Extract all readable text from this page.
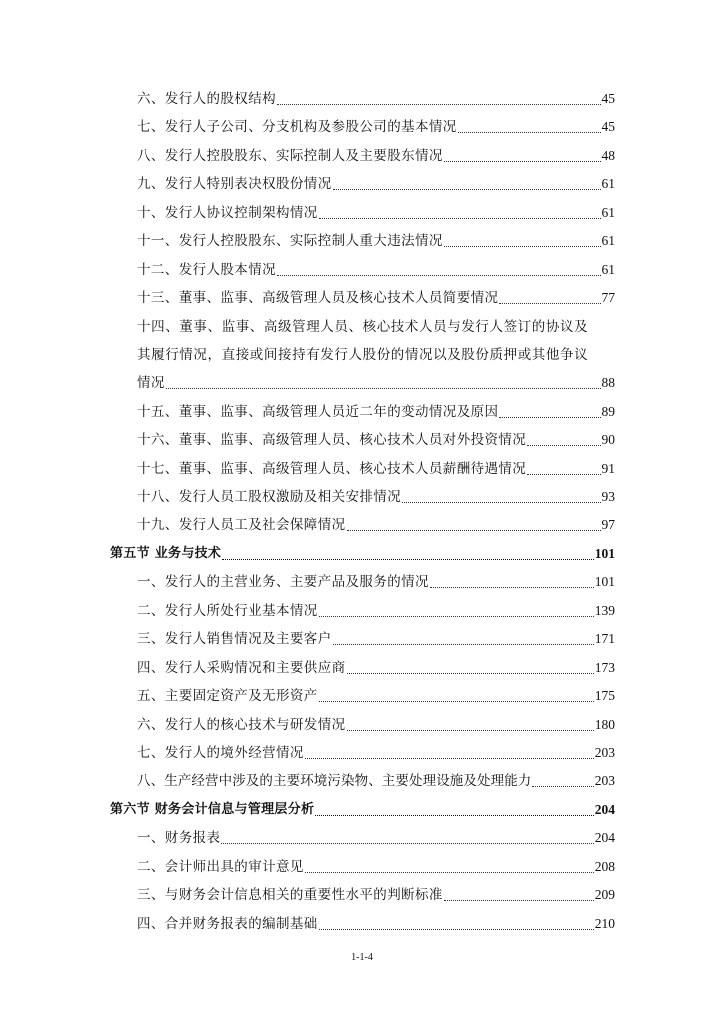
六、发行人的股权结构	45
七、发行人子公司、分支机构及参股公司的基本情况	45
八、发行人控股股东、实际控制人及主要股东情况	48
九、发行人特别表决权股份情况	61
十、发行人协议控制架构情况	61
十一、发行人控股股东、实际控制人重大违法情况	61
十二、发行人股本情况	61
十三、董事、监事、高级管理人员及核心技术人员简要情况	77
十四、董事、监事、高级管理人员、核心技术人员与发行人签订的协议及
其履行情况，直接或间接持有发行人股份的情况以及股份质押或其他争议
情况	88
十五、董事、监事、高级管理人员近二年的变动情况及原因	89
十六、董事、监事、高级管理人员、核心技术人员对外投资情况	90
十七、董事、监事、高级管理人员、核心技术人员薪酬待遇情况	91
十八、发行人员工股权激励及相关安排情况	93
十九、发行人员工及社会保障情况	97
第五节 业务与技术	101
一、发行人的主营业务、主要产品及服务的情况	101
二、发行人所处行业基本情况	139
三、发行人销售情况及主要客户	171
四、发行人采购情况和主要供应商	173
五、主要固定资产及无形资产	175
六、发行人的核心技术与研发情况	180
七、发行人的境外经营情况	203
八、生产经营中涉及的主要环境污染物、主要处理设施及处理能力	203
第六节 财务会计信息与管理层分析	204
一、财务报表	204
二、会计师出具的审计意见	208
三、与财务会计信息相关的重要性水平的判断标准	209
四、合并财务报表的编制基础	210
1-1-4
